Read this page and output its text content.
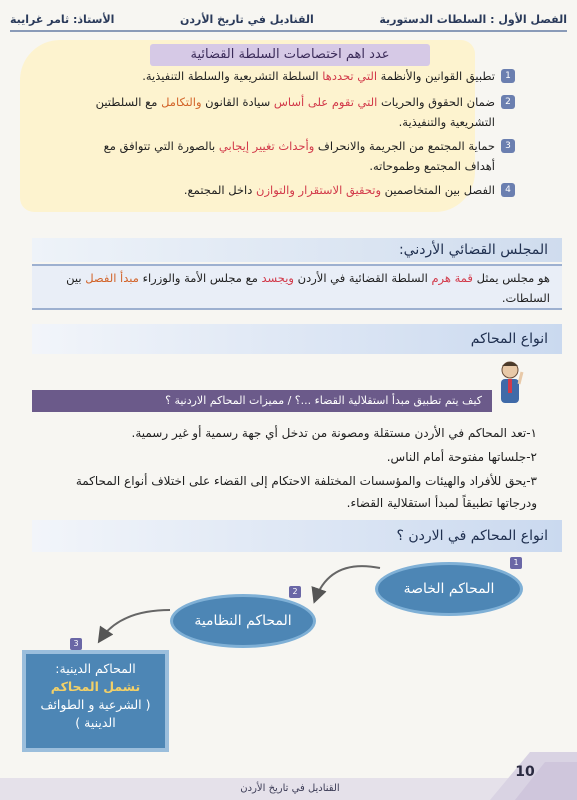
الفصل الأول : السلطات الدستورية
القناديل في تاريخ الأردن
الأستاذ: ثامر غرايبة
عدد اهم اختصاصات السلطة القضائية
1
تطبيق القوانين والأنظمة التي تحددها السلطة التشريعية والسلطة التنفيذية.
2
ضمان الحقوق والحريات التي تقوم على أساس سيادة القانون والتكامل مع السلطتين التشريعية والتنفيذية.
3
حماية المجتمع من الجريمة والانحراف وأحداث تغيير إيجابي بالصورة التي تتوافق مع أهداف المجتمع وطموحاته.
4
الفصل بين المتخاصمين وتحقيق الاستقرار والتوازن داخل المجتمع.
المجلس القضائي الأردني:
هو مجلس يمثل قمة هرم السلطة القضائية في الأردن ويجسد مع مجلس الأمة والوزراء مبدأ الفصل بين السلطات.
انواع المحاكم
كيف يتم تطبيق مبدأ استقلالية القضاء ...؟ / مميزات المحاكم الاردنية ؟
١-تعد المحاكم في الأردن مستقلة ومصونة من تدخل أي جهة رسمية أو غير رسمية.
٢-جلساتها مفتوحة أمام الناس.
٣-يحق للأفراد والهيئات والمؤسسات المختلفة الاحتكام إلى القضاء على اختلاف أنواع المحاكمة ودرجاتها تطبيقاً لمبدأ استقلالية القضاء.
انواع المحاكم في الاردن ؟
1
المحاكم الخاصة
2
المحاكم النظامية
3
المحاكم الدينية:
تشمل المحاكم
( الشرعية و الطوائف الدينية )
القناديل في تاريخ الأردن
10
